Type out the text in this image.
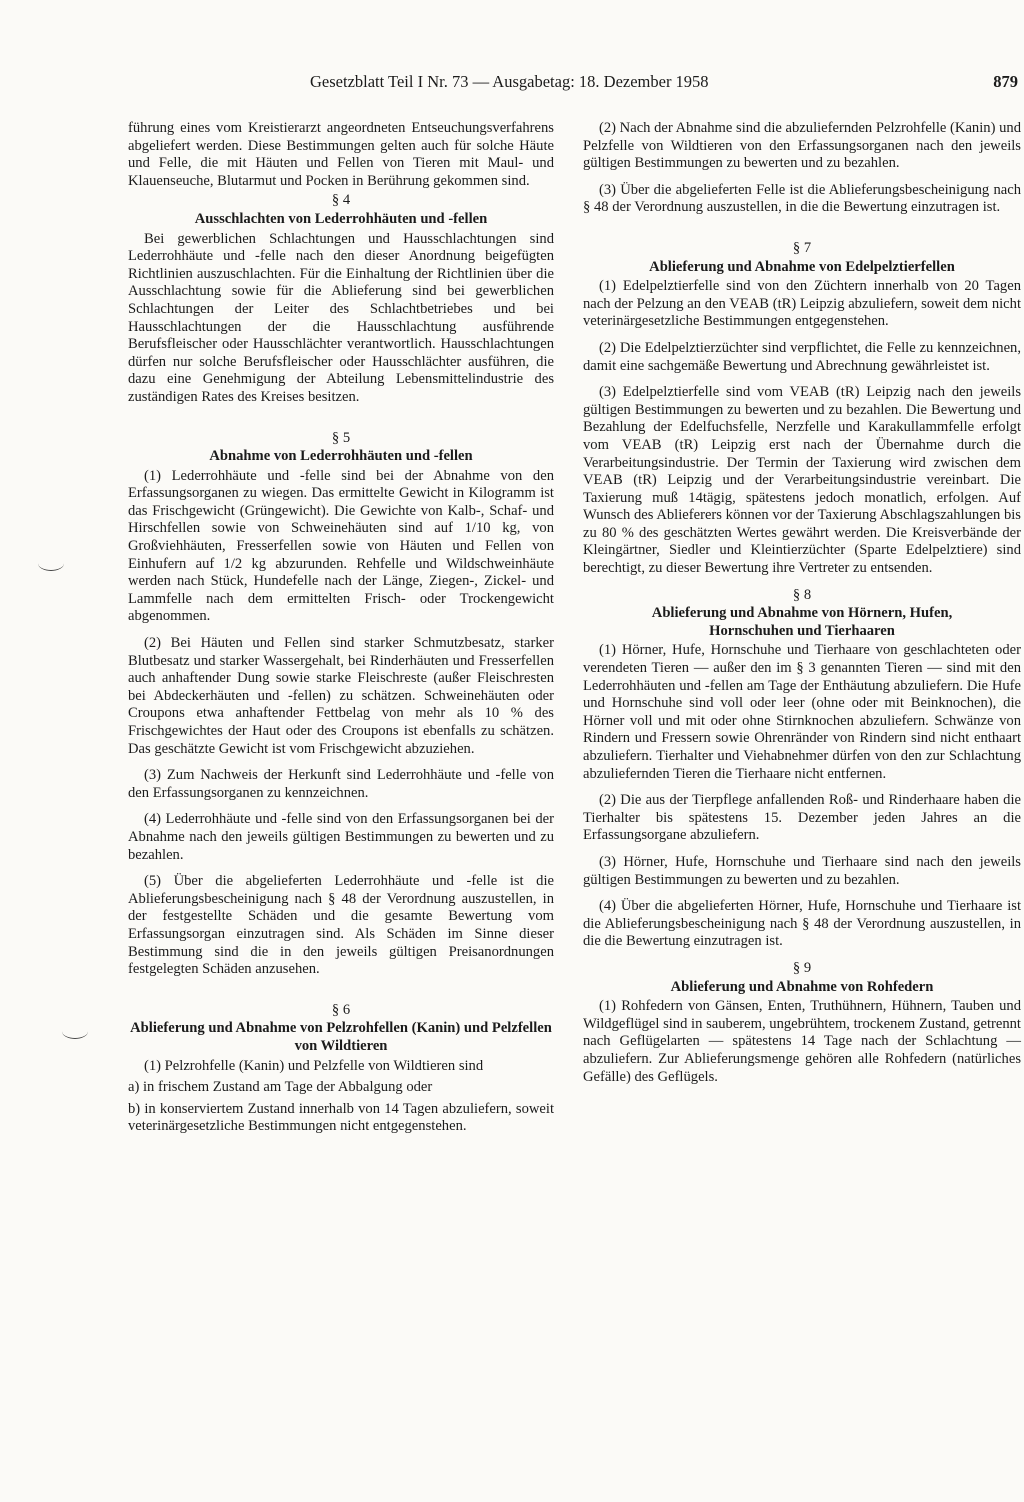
Gesetzblatt Teil I Nr. 73 — Ausgabetag: 18. Dezember 1958	879

führung eines vom Kreistierarzt angeordneten Entseuchungsverfahrens abgeliefert werden. Diese Bestimmungen gelten auch für solche Häute und Felle, die mit Häuten und Fellen von Tieren mit Maul- und Klauenseuche, Blutarmut und Pocken in Berührung gekommen sind.

§ 4
Ausschlachten von Lederrohhäuten und -fellen

Bei gewerblichen Schlachtungen und Hausschlachtungen sind Lederrohhäute und -felle nach den dieser Anordnung beigefügten Richtlinien auszuschlachten. Für die Einhaltung der Richtlinien über die Ausschlachtung sowie für die Ablieferung sind bei gewerblichen Schlachtungen der Leiter des Schlachtbetriebes und bei Hausschlachtungen der die Hausschlachtung ausführende Berufsfleischer oder Hausschlächter verantwortlich. Hausschlachtungen dürfen nur solche Berufsfleischer oder Hausschlächter ausführen, die dazu eine Genehmigung der Abteilung Lebensmittelindustrie des zuständigen Rates des Kreises besitzen.

§ 5
Abnahme von Lederrohhäuten und -fellen

(1) Lederrohhäute und -felle sind bei der Abnahme von den Erfassungsorganen zu wiegen. Das ermittelte Gewicht in Kilogramm ist das Frischgewicht (Grüngewicht). Die Gewichte von Kalb-, Schaf- und Hirschfellen sowie von Schweinehäuten sind auf 1/10 kg, von Großviehhäuten, Fresserfellen sowie von Häuten und Fellen von Einhufern auf 1/2 kg abzurunden. Rehfelle und Wildschweinhäute werden nach Stück, Hundefelle nach der Länge, Ziegen-, Zickel- und Lammfelle nach dem ermittelten Frisch- oder Trockengewicht abgenommen.

(2) Bei Häuten und Fellen sind starker Schmutzbesatz, starker Blutbesatz und starker Wassergehalt, bei Rinderhäuten und Fresserfellen auch anhaftender Dung sowie starke Fleischreste (außer Fleischresten bei Abdeckerhäuten und -fellen) zu schätzen. Schweinehäuten oder Croupons etwa anhaftender Fettbelag von mehr als 10 % des Frischgewichtes der Haut oder des Croupons ist ebenfalls zu schätzen. Das geschätzte Gewicht ist vom Frischgewicht abzuziehen.

(3) Zum Nachweis der Herkunft sind Lederrohhäute und -felle von den Erfassungsorganen zu kennzeichnen.

(4) Lederrohhäute und -felle sind von den Erfassungsorganen bei der Abnahme nach den jeweils gültigen Bestimmungen zu bewerten und zu bezahlen.

(5) Über die abgelieferten Lederrohhäute und -felle ist die Ablieferungsbescheinigung nach § 48 der Verordnung auszustellen, in der festgestellte Schäden und die gesamte Bewertung vom Erfassungsorgan einzutragen sind. Als Schäden im Sinne dieser Bestimmung sind die in den jeweils gültigen Preisanordnungen festgelegten Schäden anzusehen.

§ 6
Ablieferung und Abnahme von Pelzrohfellen (Kanin) und Pelzfellen von Wildtieren

(1) Pelzrohfelle (Kanin) und Pelzfelle von Wildtieren sind

a) in frischem Zustand am Tage der Abbalgung oder

b) in konserviertem Zustand innerhalb von 14 Tagen abzuliefern, soweit veterinärgesetzliche Bestimmungen nicht entgegenstehen.

(2) Nach der Abnahme sind die abzuliefernden Pelzrohfelle (Kanin) und Pelzfelle von Wildtieren von den Erfassungsorganen nach den jeweils gültigen Bestimmungen zu bewerten und zu bezahlen.

(3) Über die abgelieferten Felle ist die Ablieferungsbescheinigung nach § 48 der Verordnung auszustellen, in die die Bewertung einzutragen ist.

§ 7
Ablieferung und Abnahme von Edelpelztierfellen

(1) Edelpelztierfelle sind von den Züchtern innerhalb von 20 Tagen nach der Pelzung an den VEAB (tR) Leipzig abzuliefern, soweit dem nicht veterinärgesetzliche Bestimmungen entgegenstehen.

(2) Die Edelpelztierzüchter sind verpflichtet, die Felle zu kennzeichnen, damit eine sachgemäße Bewertung und Abrechnung gewährleistet ist.

(3) Edelpelztierfelle sind vom VEAB (tR) Leipzig nach den jeweils gültigen Bestimmungen zu bewerten und zu bezahlen. Die Bewertung und Bezahlung der Edelfuchsfelle, Nerzfelle und Karakullammfelle erfolgt vom VEAB (tR) Leipzig erst nach der Übernahme durch die Verarbeitungsindustrie. Der Termin der Taxierung wird zwischen dem VEAB (tR) Leipzig und der Verarbeitungsindustrie vereinbart. Die Taxierung muß 14tägig, spätestens jedoch monatlich, erfolgen. Auf Wunsch des Ablieferers können vor der Taxierung Abschlagszahlungen bis zu 80 % des geschätzten Wertes gewährt werden. Die Kreisverbände der Kleingärtner, Siedler und Kleintierzüchter (Sparte Edelpelztiere) sind berechtigt, zu dieser Bewertung ihre Vertreter zu entsenden.

§ 8
Ablieferung und Abnahme von Hörnern, Hufen,
Hornschuhen und Tierhaaren

(1) Hörner, Hufe, Hornschuhe und Tierhaare von geschlachteten oder verendeten Tieren — außer den im § 3 genannten Tieren — sind mit den Lederrohhäuten und -fellen am Tage der Enthäutung abzuliefern. Die Hufe und Hornschuhe sind voll oder leer (ohne oder mit Beinknochen), die Hörner voll und mit oder ohne Stirnknochen abzuliefern. Schwänze von Rindern und Fressern sowie Ohrenränder von Rindern sind nicht enthaart abzuliefern. Tierhalter und Viehabnehmer dürfen von den zur Schlachtung abzuliefernden Tieren die Tierhaare nicht entfernen.

(2) Die aus der Tierpflege anfallenden Roß- und Rinderhaare haben die Tierhalter bis spätestens 15. Dezember jeden Jahres an die Erfassungsorgane abzuliefern.

(3) Hörner, Hufe, Hornschuhe und Tierhaare sind nach den jeweils gültigen Bestimmungen zu bewerten und zu bezahlen.

(4) Über die abgelieferten Hörner, Hufe, Hornschuhe und Tierhaare ist die Ablieferungsbescheinigung nach § 48 der Verordnung auszustellen, in die die Bewertung einzutragen ist.

§ 9
Ablieferung und Abnahme von Rohfedern

(1) Rohfedern von Gänsen, Enten, Truthühnern, Hühnern, Tauben und Wildgeflügel sind in sauberem, ungebrühtem, trockenem Zustand, getrennt nach Geflügelarten — spätestens 14 Tage nach der Schlachtung — abzuliefern. Zur Ablieferungsmenge gehören alle Rohfedern (natürliches Gefälle) des Geflügels.
